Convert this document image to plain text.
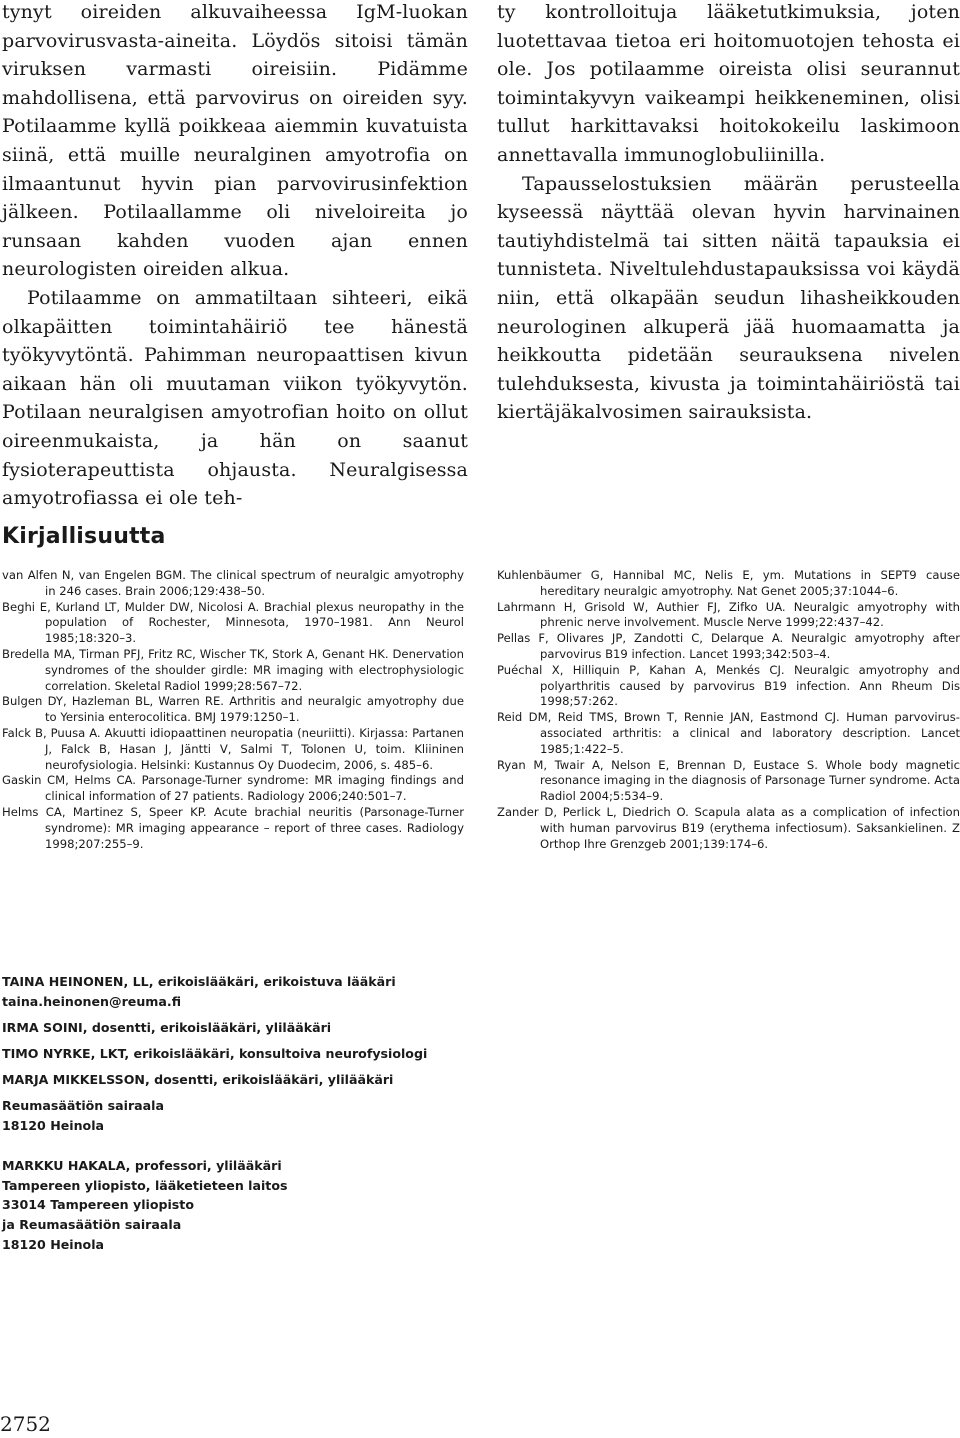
tynyt oireiden alkuvaiheessa IgM-luokan parvovirusvasta-aineita. Löydös sitoisi tämän viruksen varmasti oireisiin. Pidämme mahdollisena, että parvovirus on oireiden syy. Potilaamme kyllä poikkeaa aiemmin kuvatuista siinä, että muille neuralginen amyotrofia on ilmaantunut hyvin pian parvovirusinfektion jälkeen. Potilaallamme oli niveloireita jo runsaan kahden vuoden ajan ennen neurologisten oireiden alkua.

Potilaamme on ammatiltaan sihteeri, eikä olkapäitten toimintahäiriö tee hänestä työkyvytöntä. Pahimman neuropaattisen kivun aikaan hän oli muutaman viikon työkyvytön. Potilaan neuralgisen amyotrofian hoito on ollut oireenmukaista, ja hän on saanut fysioterapeuttista ohjausta. Neuralgisessa amyotrofiassa ei ole teh-

ty kontrolloituja lääketutkimuksia, joten luotettavaa tietoa eri hoitomuotojen tehosta ei ole. Jos potilaamme oireista olisi seurannut toimintakyvyn vaikeampi heikkeneminen, olisi tullut harkittavaksi hoitokokeilu laskimoon annettavalla immunoglobuliinilla.

Tapausselostuksien määrän perusteella kyseessä näyttää olevan hyvin harvinainen tautiyhdistelmä tai sitten näitä tapauksia ei tunnisteta. Niveltulehdustapauksissa voi käydä niin, että olkapään seudun lihasheikkouden neurologinen alkuperä jää huomaamatta ja heikkoutta pidetään seurauksena nivelen tulehduksesta, kivusta ja toimintahäiriöstä tai kiertäjäkalvosimen sairauksista.

Kirjallisuutta
van Alfen N, van Engelen BGM. The clinical spectrum of neuralgic amyotrophy in 246 cases. Brain 2006;129:438–50.
Beghi E, Kurland LT, Mulder DW, Nicolosi A. Brachial plexus neuropathy in the population of Rochester, Minnesota, 1970–1981. Ann Neurol 1985;18:320–3.
Bredella MA, Tirman PFJ, Fritz RC, Wischer TK, Stork A, Genant HK. Denervation syndromes of the shoulder girdle: MR imaging with electrophysiologic correlation. Skeletal Radiol 1999;28:567–72.
Bulgen DY, Hazleman BL, Warren RE. Arthritis and neuralgic amyotrophy due to Yersinia enterocolitica. BMJ 1979:1250–1.
Falck B, Puusa A. Akuutti idiopaattinen neuropatia (neuriitti). Kirjassa: Partanen J, Falck B, Hasan J, Jäntti V, Salmi T, Tolonen U, toim. Kliininen neurofysiologia. Helsinki: Kustannus Oy Duodecim, 2006, s. 485–6.
Gaskin CM, Helms CA. Parsonage-Turner syndrome: MR imaging findings and clinical information of 27 patients. Radiology 2006;240:501–7.
Helms CA, Martinez S, Speer KP. Acute brachial neuritis (Parsonage-Turner syndrome): MR imaging appearance – report of three cases. Radiology 1998;207:255–9.
Kuhlenbäumer G, Hannibal MC, Nelis E, ym. Mutations in SEPT9 cause hereditary neuralgic amyotrophy. Nat Genet 2005;37:1044–6.
Lahrmann H, Grisold W, Authier FJ, Zifko UA. Neuralgic amyotrophy with phrenic nerve involvement. Muscle Nerve 1999;22:437–42.
Pellas F, Olivares JP, Zandotti C, Delarque A. Neuralgic amyotrophy after parvovirus B19 infection. Lancet 1993;342:503–4.
Puéchal X, Hilliquin P, Kahan A, Menkés CJ. Neuralgic amyotrophy and polyarthritis caused by parvovirus B19 infection. Ann Rheum Dis 1998;57:262.
Reid DM, Reid TMS, Brown T, Rennie JAN, Eastmond CJ. Human parvovirus-associated arthritis: a clinical and laboratory description. Lancet 1985;1:422–5.
Ryan M, Twair A, Nelson E, Brennan D, Eustace S. Whole body magnetic resonance imaging in the diagnosis of Parsonage Turner syndrome. Acta Radiol 2004;5:534–9.
Zander D, Perlick L, Diedrich O. Scapula alata as a complication of infection with human parvovirus B19 (erythema infectiosum). Saksankielinen. Z Orthop Ihre Grenzgeb 2001;139:174–6.

TAINA HEINONEN, LL, erikoislääkäri, erikoistuva lääkäri

taina.heinonen@reuma.fi

IRMA SOINI, dosentti, erikoislääkäri, ylilääkäri

TIMO NYRKE, LKT, erikoislääkäri, konsultoiva neurofysiologi

MARJA MIKKELSSON, dosentti, erikoislääkäri, ylilääkäri

Reumasäätiön sairaala

18120 Heinola

MARKKU HAKALA, professori, ylilääkäri

Tampereen yliopisto, lääketieteen laitos

33014 Tampereen yliopisto

ja Reumasäätiön sairaala

18120 Heinola

2752
